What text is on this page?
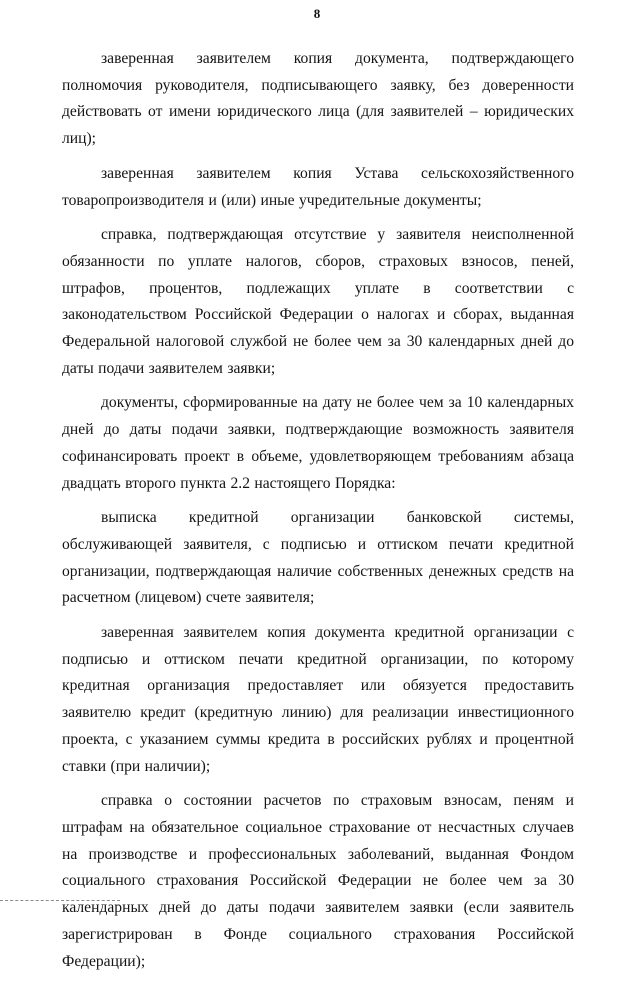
8

заверенная заявителем копия документа, подтверждающего полномочия руководителя, подписывающего заявку, без доверенности действовать от имени юридического лица (для заявителей – юридических лиц);

заверенная заявителем копия Устава сельскохозяйственного товаропроизводителя и (или) иные учредительные документы;

справка, подтверждающая отсутствие у заявителя неисполненной обязанности по уплате налогов, сборов, страховых взносов, пеней, штрафов, процентов, подлежащих уплате в соответствии с законодательством Российской Федерации о налогах и сборах, выданная Федеральной налоговой службой не более чем за 30 календарных дней до даты подачи заявителем заявки;

документы, сформированные на дату не более чем за 10 календарных дней до даты подачи заявки, подтверждающие возможность заявителя софинансировать проект в объеме, удовлетворяющем требованиям абзаца двадцать второго пункта 2.2 настоящего Порядка:

выписка кредитной организации банковской системы, обслуживающей заявителя, с подписью и оттиском печати кредитной организации, подтверждающая наличие собственных денежных средств на расчетном (лицевом) счете заявителя;

заверенная заявителем копия документа кредитной организации с подписью и оттиском печати кредитной организации, по которому кредитная организация предоставляет или обязуется предоставить заявителю кредит (кредитную линию) для реализации инвестиционного проекта, с указанием суммы кредита в российских рублях и процентной ставки (при наличии);

справка о состоянии расчетов по страховым взносам, пеням и штрафам на обязательное социальное страхование от несчастных случаев на производстве и профессиональных заболеваний, выданная Фондом социального страхования Российской Федерации не более чем за 30 календарных дней до даты подачи заявителем заявки (если заявитель зарегистрирован в Фонде социального страхования Российской Федерации);
